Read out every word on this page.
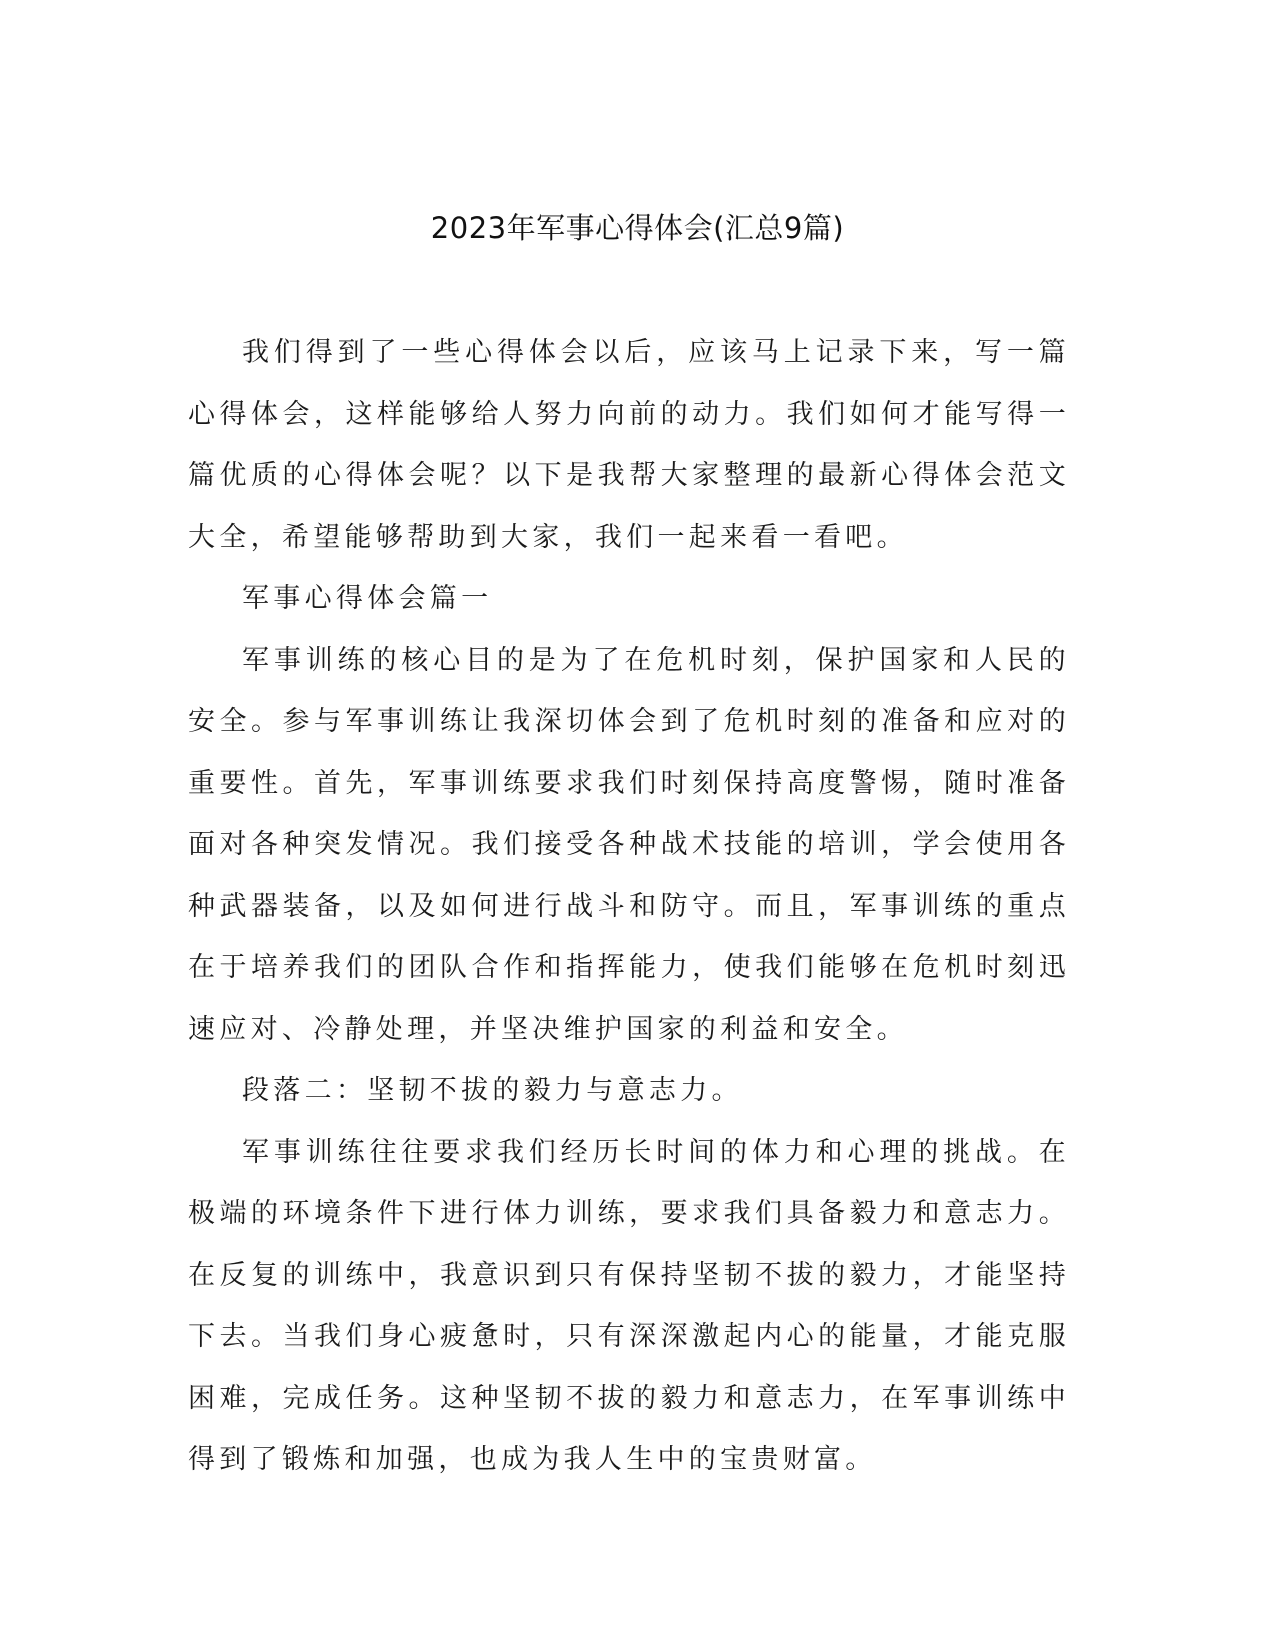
2023年军事心得体会(汇总9篇)

我们得到了一些心得体会以后，应该马上记录下来，写一篇心得体会，这样能够给人努力向前的动力。我们如何才能写得一篇优质的心得体会呢？以下是我帮大家整理的最新心得体会范文大全，希望能够帮助到大家，我们一起来看一看吧。

军事心得体会篇一

军事训练的核心目的是为了在危机时刻，保护国家和人民的安全。参与军事训练让我深切体会到了危机时刻的准备和应对的重要性。首先，军事训练要求我们时刻保持高度警惕，随时准备面对各种突发情况。我们接受各种战术技能的培训，学会使用各种武器装备，以及如何进行战斗和防守。而且，军事训练的重点在于培养我们的团队合作和指挥能力，使我们能够在危机时刻迅速应对、冷静处理，并坚决维护国家的利益和安全。

段落二：坚韧不拔的毅力与意志力。

军事训练往往要求我们经历长时间的体力和心理的挑战。在极端的环境条件下进行体力训练，要求我们具备毅力和意志力。在反复的训练中，我意识到只有保持坚韧不拔的毅力，才能坚持下去。当我们身心疲惫时，只有深深激起内心的能量，才能克服困难，完成任务。这种坚韧不拔的毅力和意志力，在军事训练中得到了锻炼和加强，也成为我人生中的宝贵财富。
